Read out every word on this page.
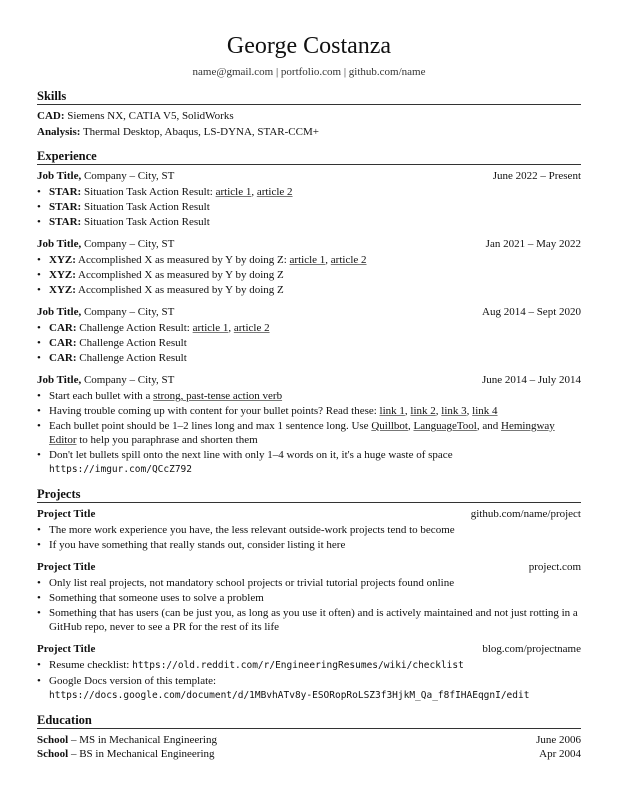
George Costanza
name@gmail.com | portfolio.com | github.com/name
Skills
CAD: Siemens NX, CATIA V5, SolidWorks
Analysis: Thermal Desktop, Abaqus, LS-DYNA, STAR-CCM+
Experience
Job Title, Company – City, ST	June 2022 – Present
• STAR: Situation Task Action Result: article 1, article 2
• STAR: Situation Task Action Result
• STAR: Situation Task Action Result
Job Title, Company – City, ST	Jan 2021 – May 2022
• XYZ: Accomplished X as measured by Y by doing Z: article 1, article 2
• XYZ: Accomplished X as measured by Y by doing Z
• XYZ: Accomplished X as measured by Y by doing Z
Job Title, Company – City, ST	Aug 2014 – Sept 2020
• CAR: Challenge Action Result: article 1, article 2
• CAR: Challenge Action Result
• CAR: Challenge Action Result
Job Title, Company – City, ST	June 2014 – July 2014
• Start each bullet with a strong, past-tense action verb
• Having trouble coming up with content for your bullet points? Read these: link 1, link 2, link 3, link 4
• Each bullet point should be 1–2 lines long and max 1 sentence long. Use Quillbot, LanguageTool, and Hemingway Editor to help you paraphrase and shorten them
• Don't let bullets spill onto the next line with only 1–4 words on it, it's a huge waste of space
https://imgur.com/QCcZ792
Projects
Project Title	github.com/name/project
• The more work experience you have, the less relevant outside-work projects tend to become
• If you have something that really stands out, consider listing it here
Project Title	project.com
• Only list real projects, not mandatory school projects or trivial tutorial projects found online
• Something that someone uses to solve a problem
• Something that has users (can be just you, as long as you use it often) and is actively maintained and not just rotting in a GitHub repo, never to see a PR for the rest of its life
Project Title	blog.com/projectname
• Resume checklist: https://old.reddit.com/r/EngineeringResumes/wiki/checklist
• Google Docs version of this template:
https://docs.google.com/document/d/1MBvhATv8y-ESORopRoLSZ3f3HjkM_Qa_f8fIHAEqgnI/edit
Education
School – MS in Mechanical Engineering	June 2006
School – BS in Mechanical Engineering	Apr 2004
